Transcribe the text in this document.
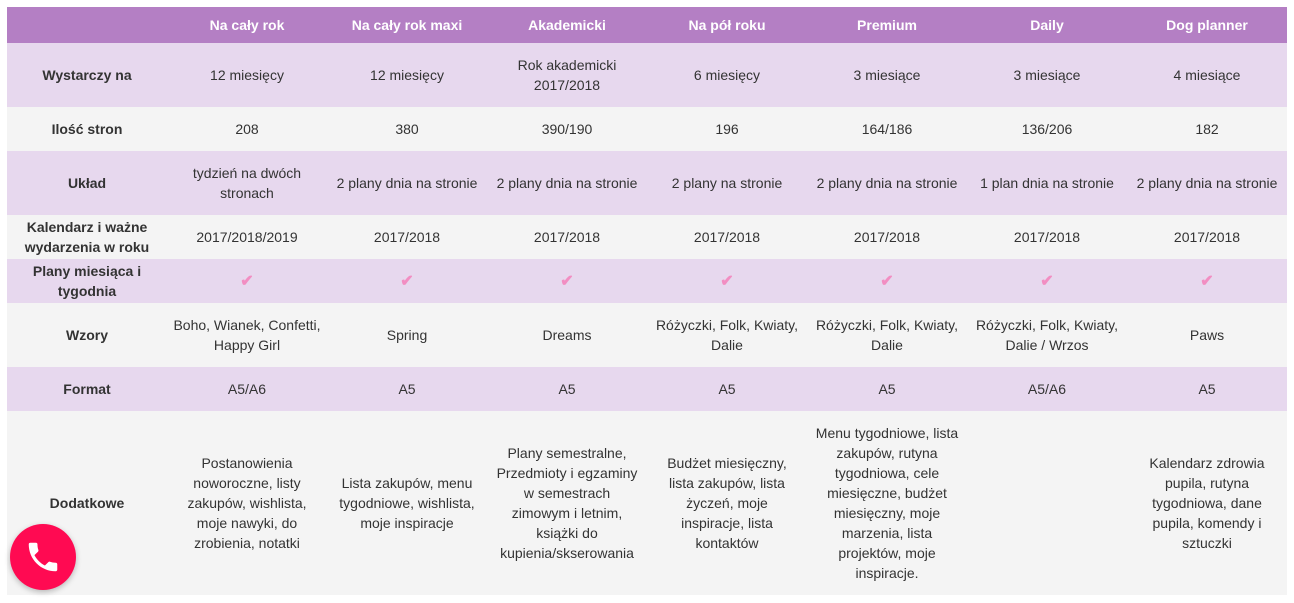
	Na cały rok	Na cały rok maxi	Akademicki	Na pół roku	Premium	Daily	Dog planner
Wystarczy na	12 miesięcy	12 miesięcy	Rok akademicki 2017/2018	6 miesięcy	3 miesiące	3 miesiące	4 miesiące
Ilość stron	208	380	390/190	196	164/186	136/206	182
Układ	tydzień na dwóch stronach	2 plany dnia na stronie	2 plany dnia na stronie	2 plany na stronie	2 plany dnia na stronie	1 plan dnia na stronie	2 plany dnia na stronie
Kalendarz i ważne wydarzenia w roku	2017/2018/2019	2017/2018	2017/2018	2017/2018	2017/2018	2017/2018	2017/2018
Plany miesiąca i tygodnia	✔	✔	✔	✔	✔	✔	✔
Wzory	Boho, Wianek, Confetti, Happy Girl	Spring	Dreams	Różyczki, Folk, Kwiaty, Dalie	Różyczki, Folk, Kwiaty, Dalie	Różyczki, Folk, Kwiaty, Dalie / Wrzos	Paws
Format	A5/A6	A5	A5	A5	A5	A5/A6	A5
Dodatkowe	Postanowienia noworoczne, listy zakupów, wishlista, moje nawyki, do zrobienia, notatki	Lista zakupów, menu tygodniowe, wishlista, moje inspiracje	Plany semestralne, Przedmioty i egzaminy w semestrach zimowym i letnim, książki do kupienia/skserowania	Budżet miesięczny, lista zakupów, lista życzeń, moje inspiracje, lista kontaktów	Menu tygodniowe, lista zakupów, rutyna tygodniowa, cele miesięczne, budżet miesięczny, moje marzenia, lista projektów, moje inspiracje.		Kalendarz zdrowia pupila, rutyna tygodniowa, dane pupila, komendy i sztuczki
